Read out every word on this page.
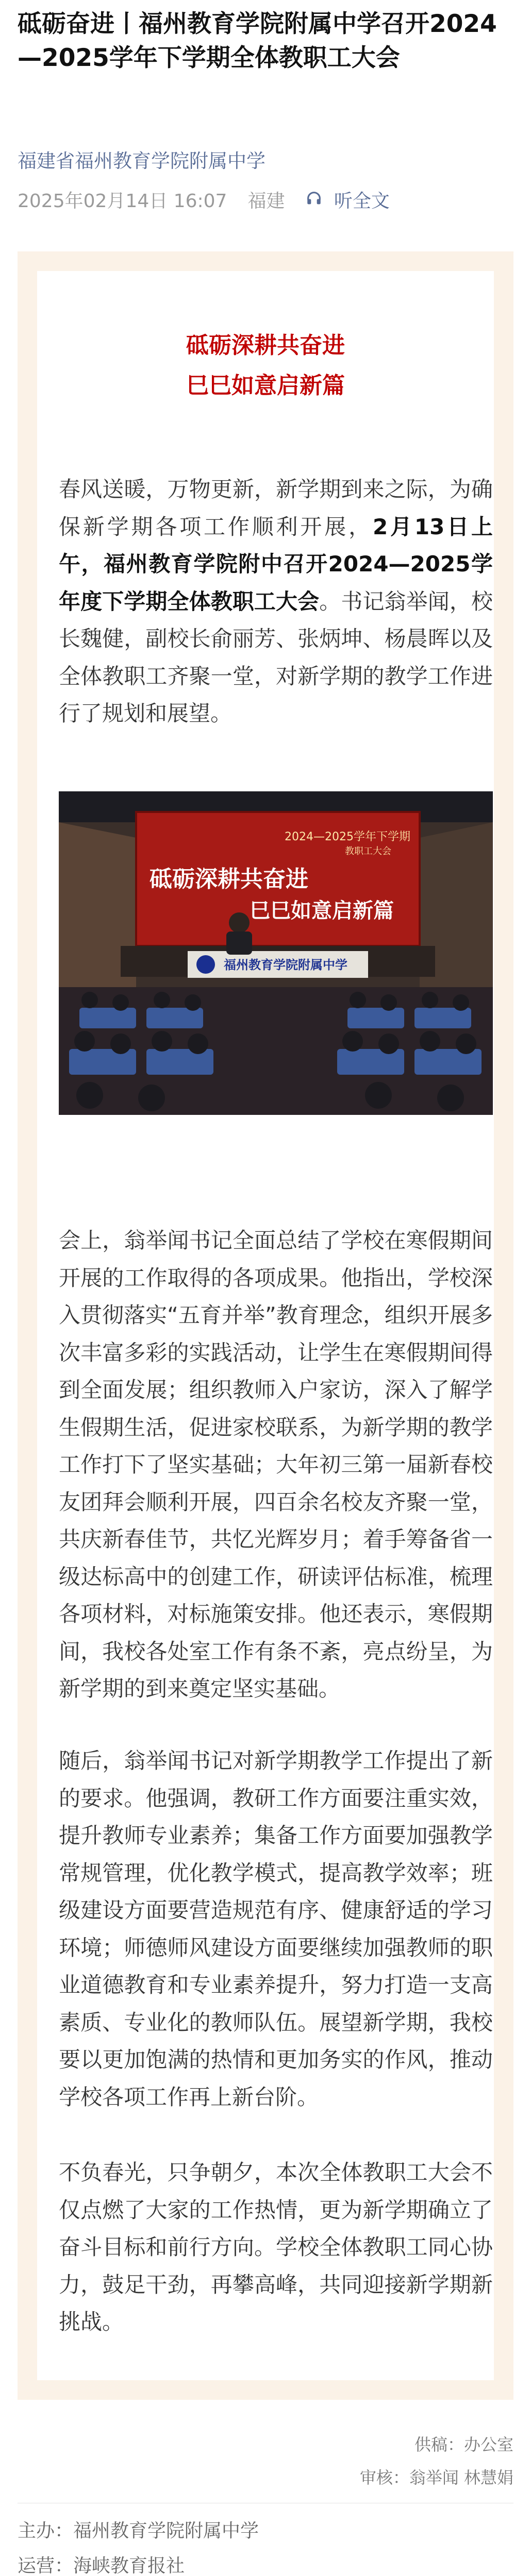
砥砺奋进丨福州教育学院附属中学召开2024—2025学年下学期全体教职工大会
福建省福州教育学院附属中学
2025年02月14日 16:07 福建	听全文
砥砺深耕共奋进
巳巳如意启新篇

春风送暖，万物更新，新学期到来之际，为确保新学期各项工作顺利开展，2月13日上午，福州教育学院附中召开2024—2025学年度下学期全体教职工大会。书记翁举闻，校长魏健，副校长俞丽芳、张炳坤、杨晨晖以及全体教职工齐聚一堂，对新学期的教学工作进行了规划和展望。

2024—2025学年下学期
教职工大会
砥砺深耕共奋进
巳巳如意启新篇
福州教育学院附属中学

会上，翁举闻书记全面总结了学校在寒假期间开展的工作取得的各项成果。他指出，学校深入贯彻落实“五育并举”教育理念，组织开展多次丰富多彩的实践活动，让学生在寒假期间得到全面发展；组织教师入户家访，深入了解学生假期生活，促进家校联系，为新学期的教学工作打下了坚实基础；大年初三第一届新春校友团拜会顺利开展，四百余名校友齐聚一堂，共庆新春佳节，共忆光辉岁月；着手筹备省一级达标高中的创建工作，研读评估标准，梳理各项材料，对标施策安排。他还表示，寒假期间，我校各处室工作有条不紊，亮点纷呈，为新学期的到来奠定坚实基础。

随后，翁举闻书记对新学期教学工作提出了新的要求。他强调，教研工作方面要注重实效，提升教师专业素养；集备工作方面要加强教学常规管理，优化教学模式，提高教学效率；班级建设方面要营造规范有序、健康舒适的学习环境；师德师风建设方面要继续加强教师的职业道德教育和专业素养提升，努力打造一支高素质、专业化的教师队伍。展望新学期，我校要以更加饱满的热情和更加务实的作风，推动学校各项工作再上新台阶。

不负春光，只争朝夕，本次全体教职工大会不仅点燃了大家的工作热情，更为新学期确立了奋斗目标和前行方向。学校全体教职工同心协力，鼓足干劲，再攀高峰，共同迎接新学期新挑战。

供稿：办公室
审核：翁举闻 林慧娟
主办：福州教育学院附属中学
运营：海峡教育报社
